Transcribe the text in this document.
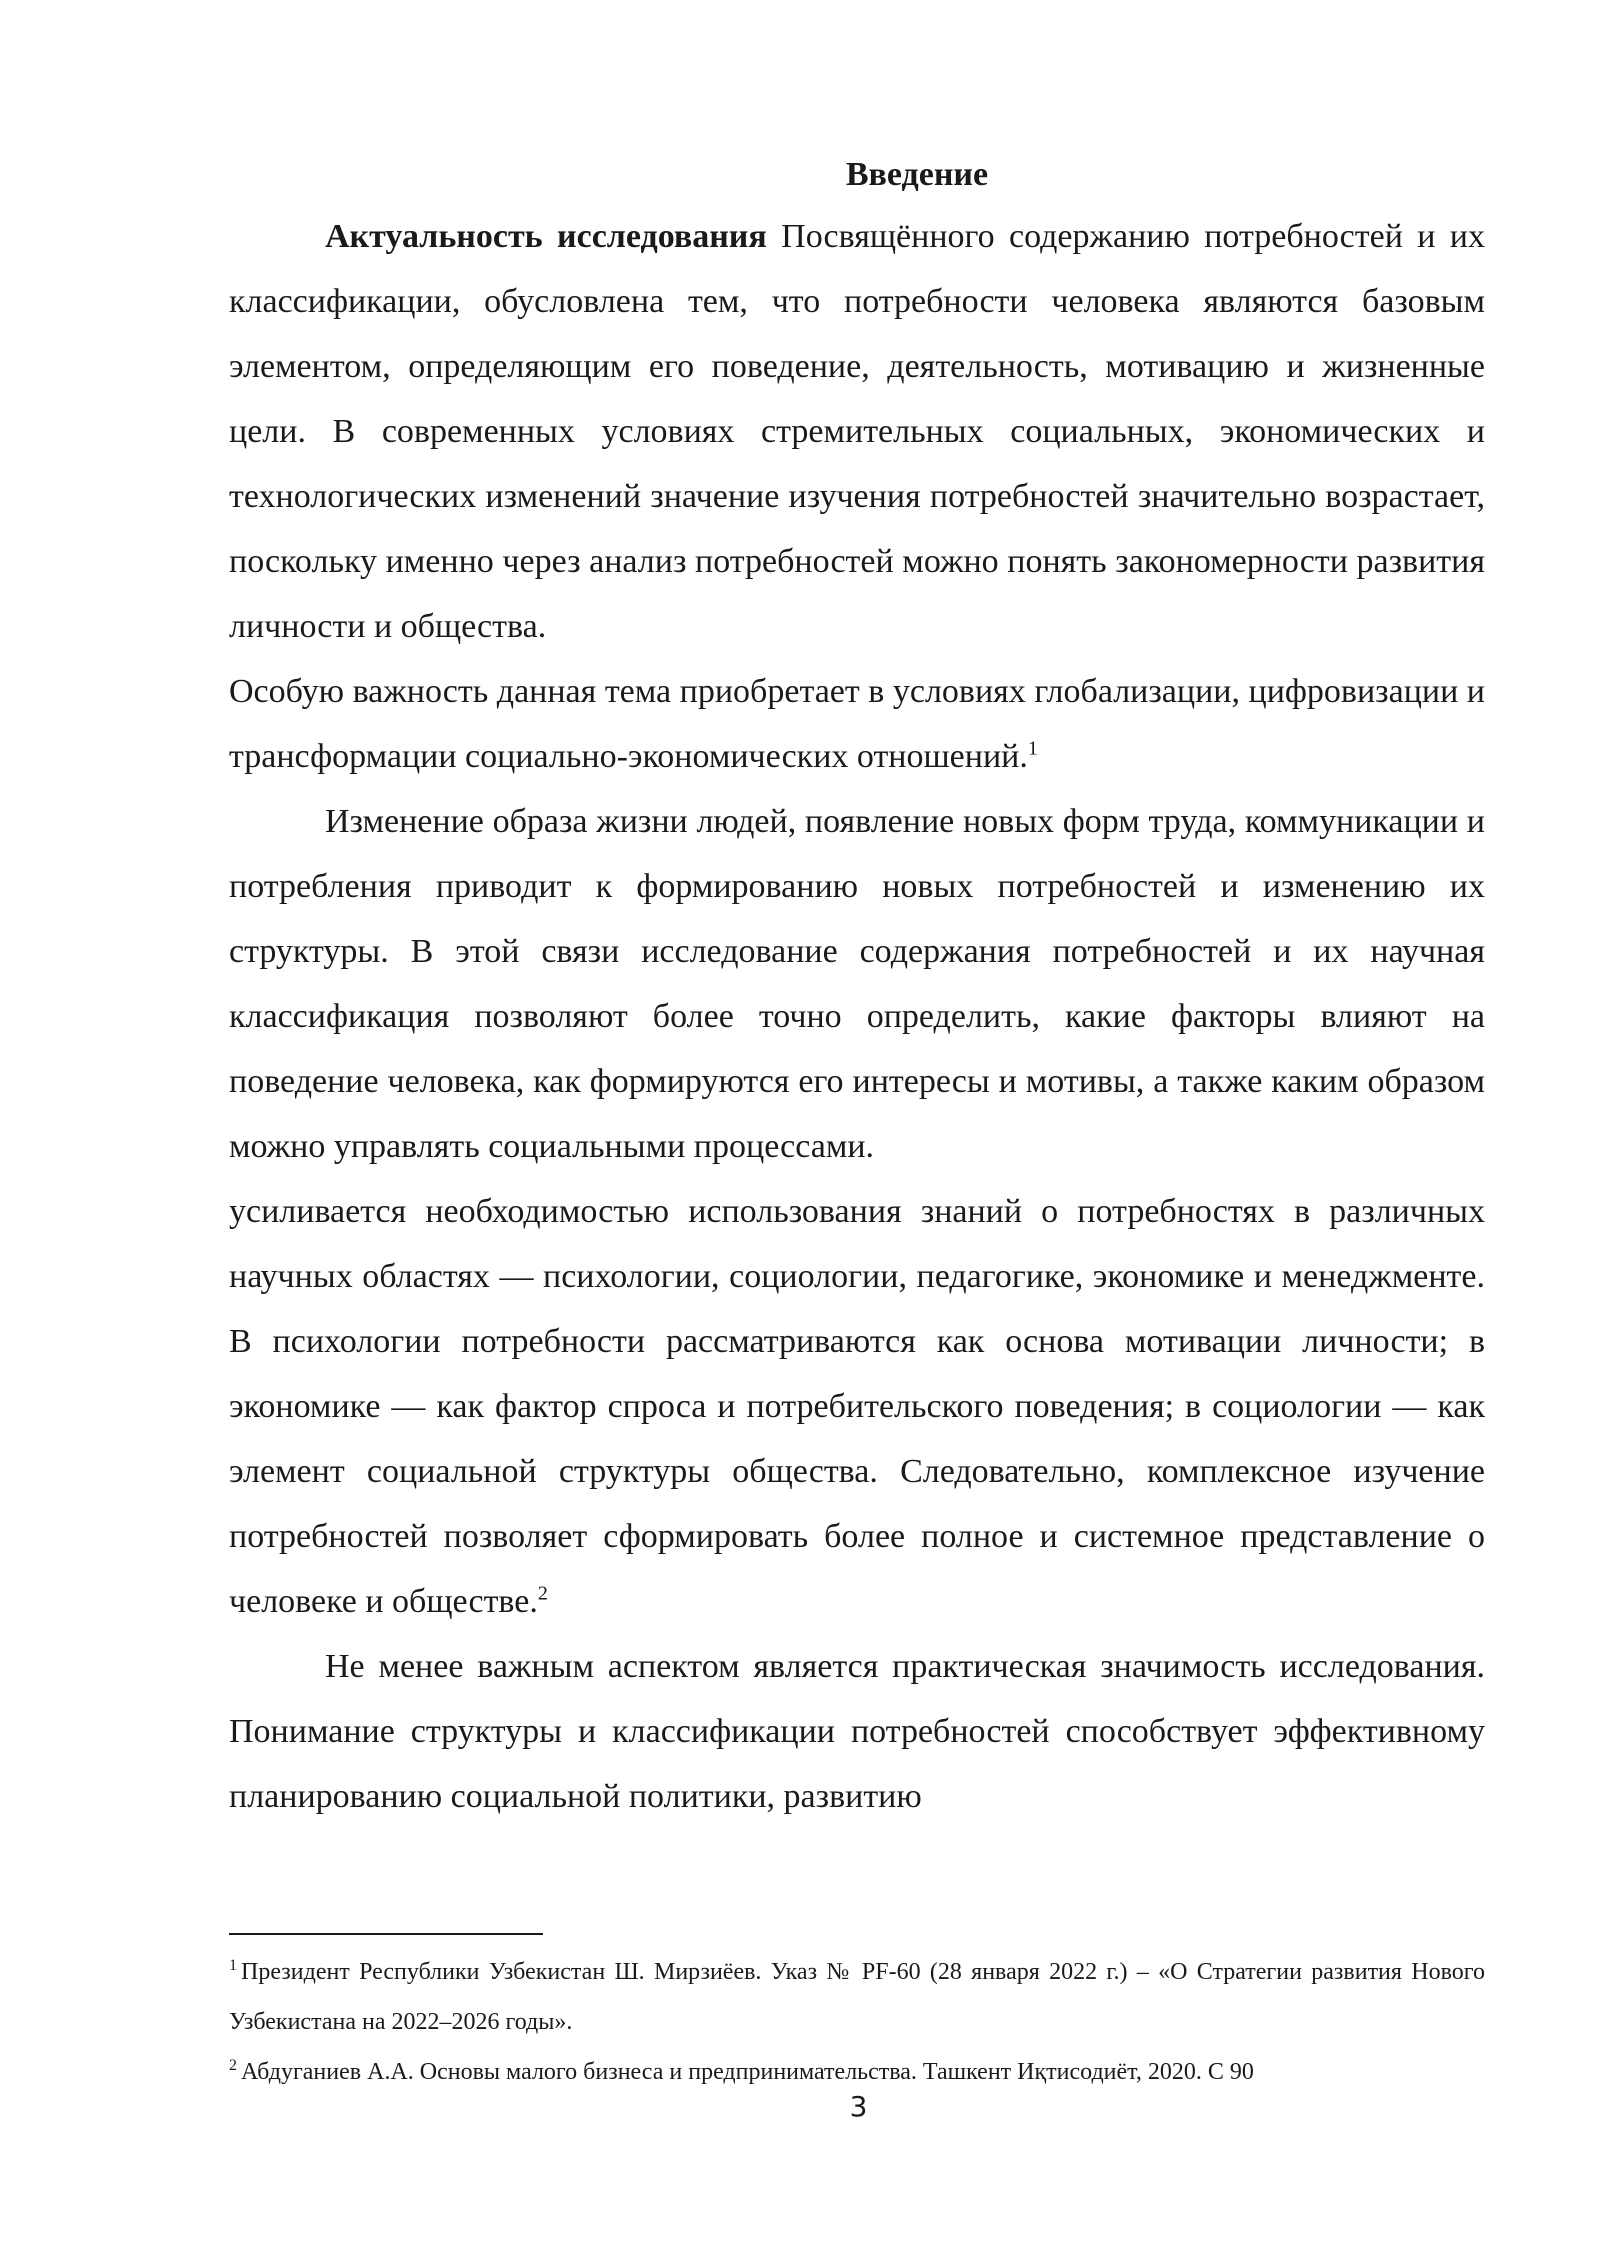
Введение

Актуальность исследования Посвящённого содержанию потребностей и их классификации, обусловлена тем, что потребности человека являются базовым элементом, определяющим его поведение, деятельность, мотивацию и жизненные цели. В современных условиях стремительных социальных, экономических и технологических изменений значение изучения потребностей значительно возрастает, поскольку именно через анализ потребностей можно понять закономерности развития личности и общества.

Особую важность данная тема приобретает в условиях глобализации, цифровизации и трансформации социально-экономических отношений.$^1$

Изменение образа жизни людей, появление новых форм труда, коммуникации и потребления приводит к формированию новых потребностей и изменению их структуры. В этой связи исследование содержания потребностей и их научная классификация позволяют более точно определить, какие факторы влияют на поведение человека, как формируются его интересы и мотивы, а также каким образом можно управлять социальными процессами.

усиливается необходимостью использования знаний о потребностях в различных научных областях — психологии, социологии, педагогике, экономике и менеджменте. В психологии потребности рассматриваются как основа мотивации личности; в экономике — как фактор спроса и потребительского поведения; в социологии — как элемент социальной структуры общества. Следовательно, комплексное изучение потребностей позволяет сформировать более полное и системное представление о человеке и обществе.$^2$

Не менее важным аспектом является практическая значимость исследования. Понимание структуры и классификации потребностей способствует эффективному планированию социальной политики, развитию

$^1$ Президент Республики Узбекистан Ш. Мирзиёев. Указ № PF-60 (28 января 2022 г.) – «О Стратегии развития Нового Узбекистана на 2022–2026 годы».

$^2$ Абдуганиев А.А. Основы малого бизнеса и предпринимательства. Ташкент Иқтисодиёт, 2020. С 90

3
